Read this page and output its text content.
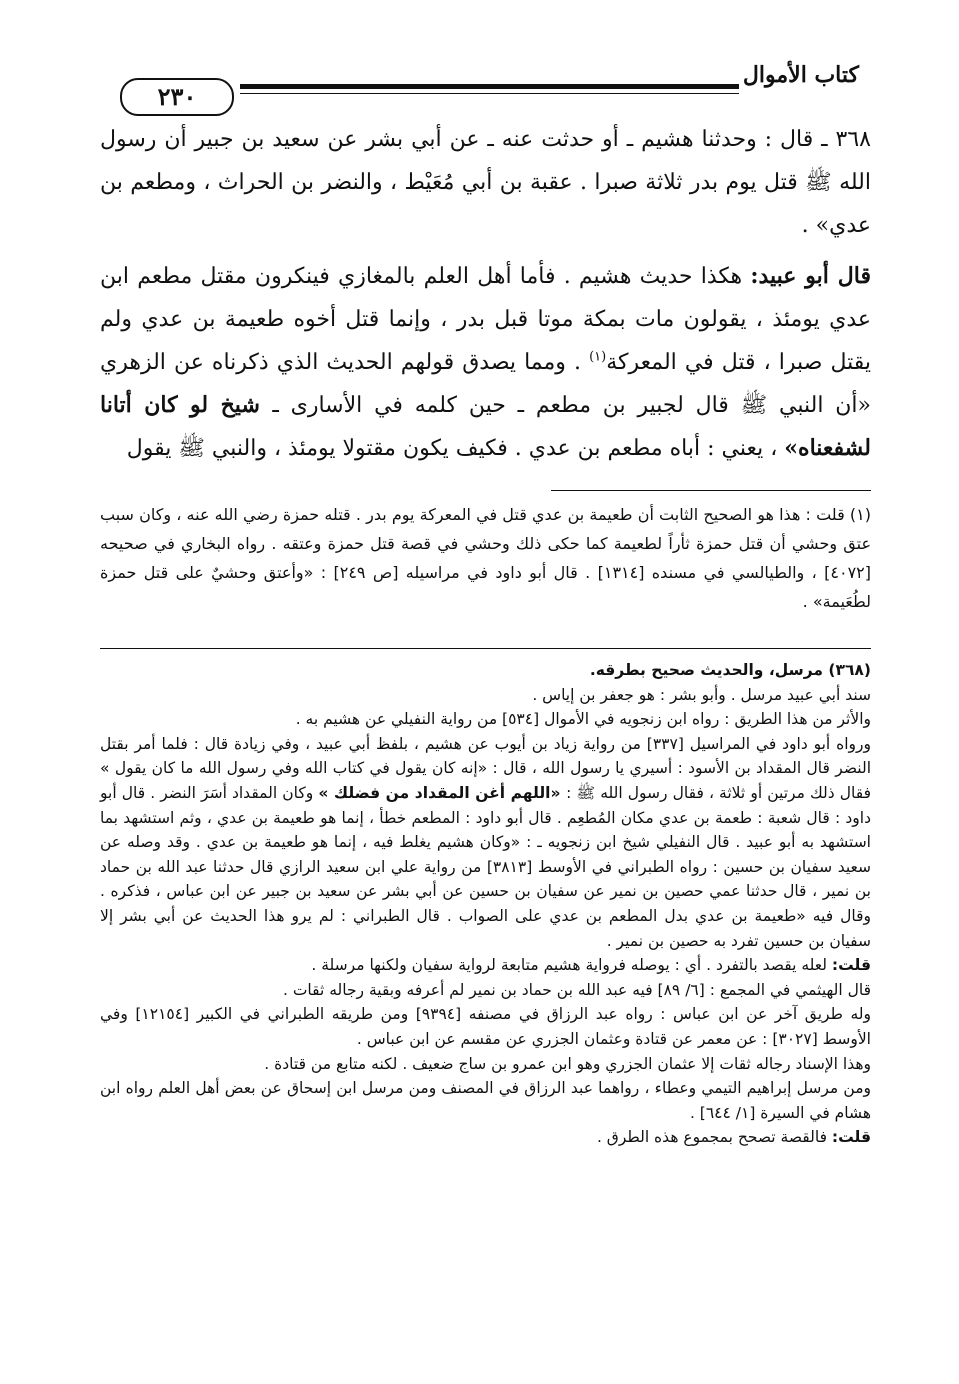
كتاب الأموال
٢٣٠

٣٦٨ ـ قال : وحدثنا هشيم ـ أو حدثت عنه ـ عن أبي بشر عن سعيد بن جبير أن رسول الله ﷺ قتل يوم بدر ثلاثة صبرا . عقبة بن أبي مُعَيْط ، والنضر بن الحراث ، ومطعم بن عدي» .

قال أبو عبيد: هكذا حديث هشيم . فأما أهل العلم بالمغازي فينكرون مقتل مطعم ابن عدي يومئذ ، يقولون مات بمكة موتا قبل بدر ، وإنما قتل أخوه طعيمة بن عدي ولم يقتل صبرا ، قتل في المعركة$^{(١)}$ . ومما يصدق قولهم الحديث الذي ذكرناه عن الزهري «أن النبي ﷺ قال لجبير بن مطعم ـ حين كلمه في الأسارى ـ شيخ لو كان أتانا لشفعناه» ، يعني : أباه مطعم بن عدي . فكيف يكون مقتولا يومئذ ، والنبي ﷺ يقول

(١) قلت : هذا هو الصحيح الثابت أن طعيمة بن عدي قتل في المعركة يوم بدر . قتله حمزة رضي الله عنه ، وكان سبب عتق وحشي أن قتل حمزة ثأراً لطعيمة كما حكى ذلك وحشي في قصة قتل حمزة وعتقه . رواه البخاري في صحيحه [٤٠٧٢] ، والطيالسي في مسنده [١٣١٤] . قال أبو داود في مراسيله [ص ٢٤٩] : «وأعتق وحشيٌ على قتل حمزة لطُعَيمة» .

(٣٦٨) مرسل، والحديث صحيح بطرقه.

سند أبي عبيد مرسل . وأبو بشر : هو جعفر بن إياس .

والأثر من هذا الطريق : رواه ابن زنجويه في الأموال [٥٣٤] من رواية النفيلي عن هشيم به .

ورواه أبو داود في المراسيل [٣٣٧] من رواية زياد بن أيوب عن هشيم ، بلفظ أبي عبيد ، وفي زيادة قال : فلما أمر بقتل النضر قال المقداد بن الأسود : أسيري يا رسول الله ، قال : «إنه كان يقول في كتاب الله وفي رسول الله ما كان يقول » فقال ذلك مرتين أو ثلاثة ، فقال رسول الله ﷺ : «اللهم أغن المقداد من فضلك » وكان المقداد أسَرَ النضر . قال أبو داود : قال شعبة : طعمة بن عدي مكان المُطعِم . قال أبو داود : المطعم خطأ ، إنما هو طعيمة بن عدي ، وثم استشهد بما استشهد به أبو عبيد . قال النفيلي شيخ ابن زنجويه ـ : «وكان هشيم يغلط فيه ، إنما هو طعيمة بن عدي . وقد وصله عن سعيد سفيان بن حسين : رواه الطبراني في الأوسط [٣٨١٣] من رواية علي ابن سعيد الرازي قال حدثنا عبد الله بن حماد بن نمير ، قال حدثنا عمي حصين بن نمير عن سفيان بن حسين عن أبي بشر عن سعيد بن جبير عن ابن عباس ، فذكره . وقال فيه «طعيمة بن عدي بدل المطعم بن عدي على الصواب . قال الطبراني : لم يرو هذا الحديث عن أبي بشر إلا سفيان بن حسين تفرد به حصين بن نمير .

قلت: لعله يقصد بالتفرد . أي : يوصله فرواية هشيم متابعة لرواية سفيان ولكنها مرسلة .

قال الهيثمي في المجمع : [٦/ ٨٩] فيه عبد الله بن حماد بن نمير لم أعرفه وبقية رجاله ثقات .

وله طريق آخر عن ابن عباس : رواه عبد الرزاق في مصنفه [٩٣٩٤] ومن طريقه الطبراني في الكبير [١٢١٥٤] وفي الأوسط [٣٠٢٧] : عن معمر عن قتادة وعثمان الجزري عن مقسم عن ابن عباس .

وهذا الإسناد رجاله ثقات إلا عثمان الجزري وهو ابن عمرو بن ساج ضعيف . لكنه متابع من قتادة .

ومن مرسل إبراهيم التيمي وعطاء ، رواهما عبد الرزاق في المصنف ومن مرسل ابن إسحاق عن بعض أهل العلم رواه ابن هشام في السيرة [١/ ٦٤٤] .

قلت: فالقصة تصحح بمجموع هذه الطرق .
